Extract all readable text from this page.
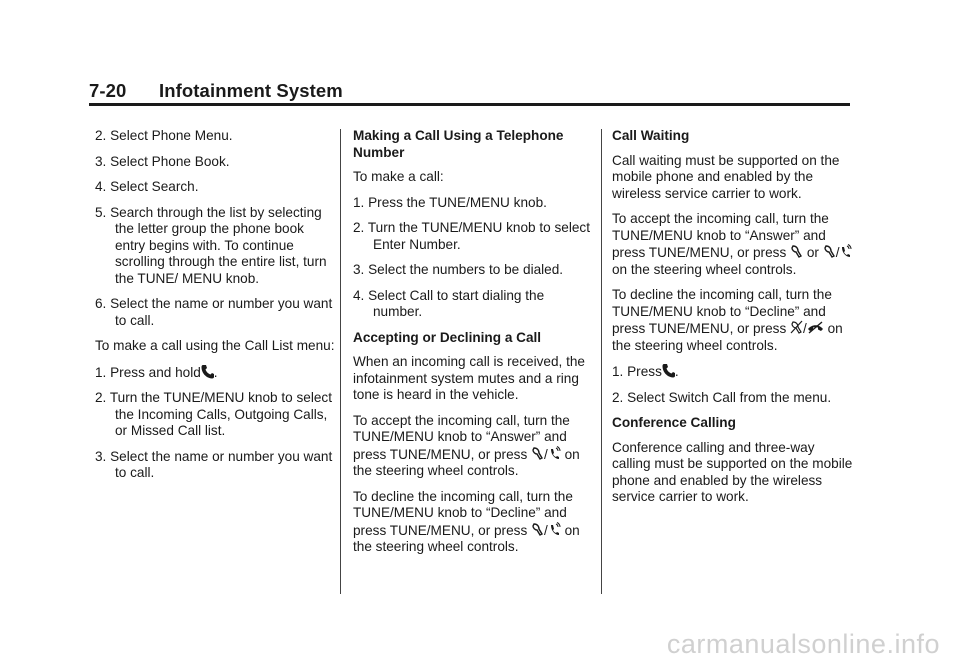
7-20 Infotainment System
2. Select Phone Menu.
3. Select Phone Book.
4. Select Search.
5. Search through the list by selecting the letter group the phone book entry begins with. To continue scrolling through the entire list, turn the TUNE/ MENU knob.
6. Select the name or number you want to call.

To make a call using the Call List menu:

1. Press and hold .
2. Turn the TUNE/MENU knob to select the Incoming Calls, Outgoing Calls, or Missed Call list.
3. Select the name or number you want to call.

Making a Call Using a Telephone Number

To make a call:

1. Press the TUNE/MENU knob.
2. Turn the TUNE/MENU knob to select Enter Number.
3. Select the numbers to be dialed.
4. Select Call to start dialing the number.

Accepting or Declining a Call

When an incoming call is received, the infotainment system mutes and a ring tone is heard in the vehicle.

To accept the incoming call, turn the TUNE/MENU knob to “Answer” and press TUNE/MENU, or press / on the steering wheel controls.

To decline the incoming call, turn the TUNE/MENU knob to “Decline” and press TUNE/MENU, or press / on the steering wheel controls.

Call Waiting

Call waiting must be supported on the mobile phone and enabled by the wireless service carrier to work.

To accept the incoming call, turn the TUNE/MENU knob to “Answer” and press TUNE/MENU, or press or /
on the steering wheel controls.

To decline the incoming call, turn the TUNE/MENU knob to “Decline” and press TUNE/MENU, or press / on the steering wheel controls.

1. Press .
2. Select Switch Call from the menu.

Conference Calling

Conference calling and three-way calling must be supported on the mobile phone and enabled by the wireless service carrier to work.

carmanualsonline.info
